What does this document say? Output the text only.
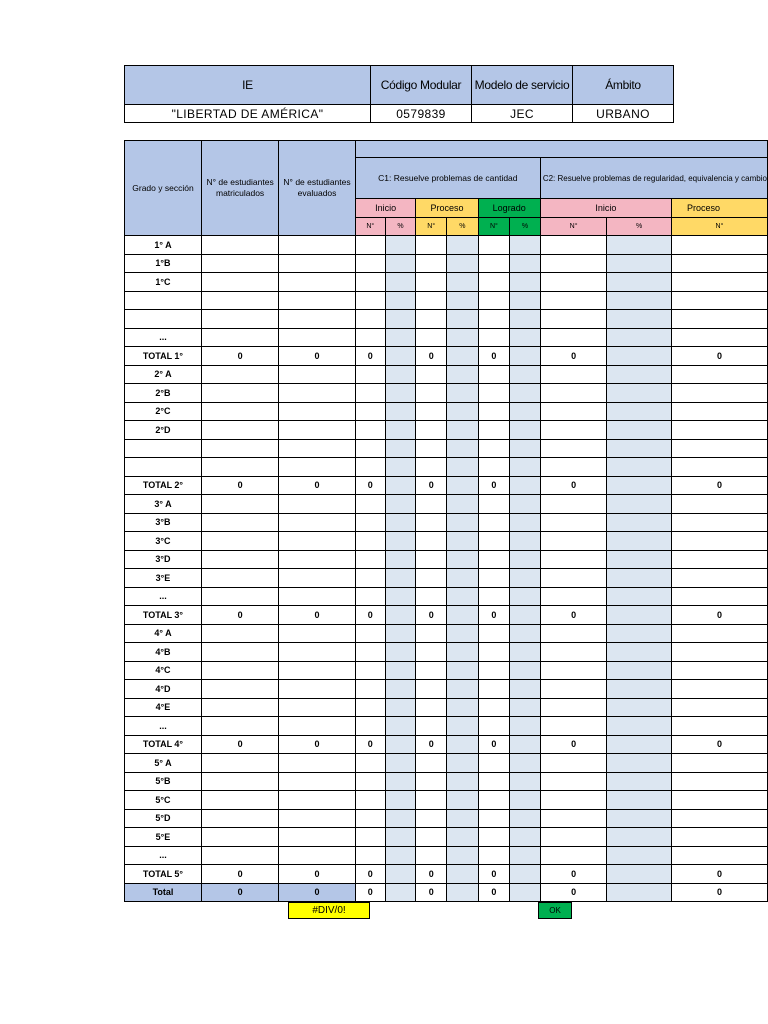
IE	Código Modular	Modelo de servicio	Ámbito
"LIBERTAD DE AMÉRICA"	0579839	JEC	URBANO
Grado y sección	N° de estudiantes matriculados	N° de estudiantes evaluados									
			C1: Resuelve problemas de cantidad						C2: Resuelve problemas de regularidad, equivalencia y cambio		
			Inicio		Proceso		Logrado		Inicio		Proceso
			N°	%	N°	%	N°	%	N°	%	N°
1° A											
1°B											
1°C											

...											
TOTAL 1°	0	0	0		0		0		0		0
2° A											
2°B											
2°C											
2°D											

TOTAL 2°	0	0	0		0		0		0		0
3° A											
3°B											
3°C											
3°D											
3°E											
...											
TOTAL 3°	0	0	0		0		0		0		0
4° A											
4°B											
4°C											
4°D											
4°E											
...											
TOTAL 4°	0	0	0		0		0		0		0
5° A											
5°B											
5°C											
5°D											
5°E											
...											
TOTAL 5°	0	0	0		0		0		0		0
Total	0	0	0		0		0		0		0
#DIV/0!	OK
